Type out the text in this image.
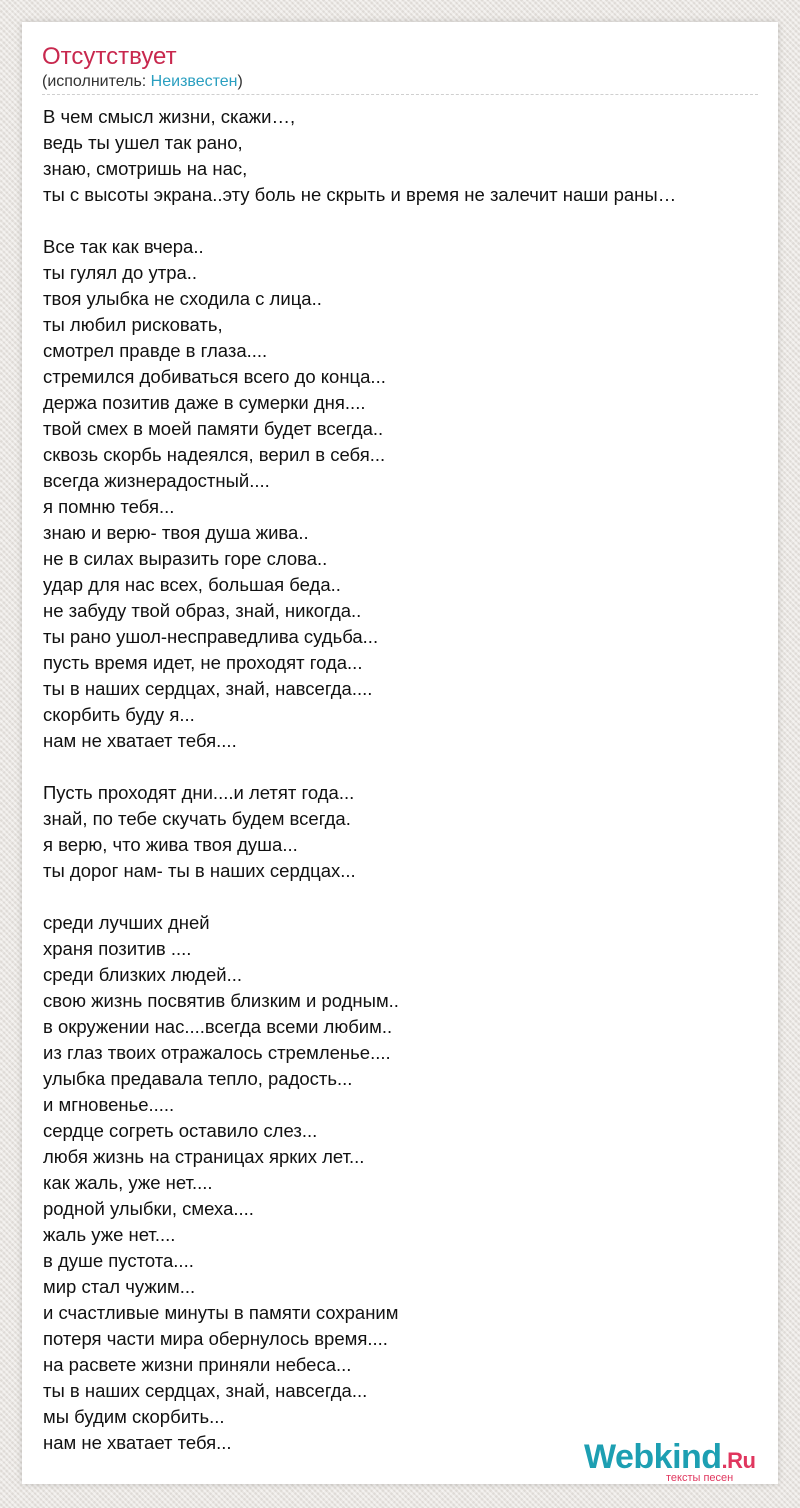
Отсутствует
(исполнитель: Неизвестен)
В чем смысл жизни, скажи…,
ведь ты ушел так рано,
знаю, смотришь на нас,
ты с высоты экрана..эту боль не скрыть и время не залечит наши раны…
Все так как вчера..
ты гулял до утра..
твоя улыбка не сходила с лица..
ты любил рисковать,
смотрел правде в глаза....
стремился добиваться всего до конца...
держа позитив даже в сумерки дня....
твой смех в моей памяти будет всегда..
сквозь скорбь надеялся, верил в себя...
всегда жизнерадостный....
я помню тебя...
знаю и верю- твоя душа жива..
не в силах выразить горе слова..
удар для нас всех, большая беда..
не забуду твой образ, знай, никогда..
ты рано ушол-несправедлива судьба...
пусть время идет, не проходят года...
ты в наших сердцах, знай, навсегда....
скорбить буду я...
нам не хватает тебя....
Пусть проходят дни....и летят года...
знай, по тебе скучать будем всегда.
я верю, что жива твоя душа...
ты дорог нам- ты в наших сердцах...
среди лучших дней
храня позитив ....
среди близких людей...
свою жизнь посвятив близким и родным..
в окружении нас....всегда всеми любим..
из глаз твоих отражалось стремленье....
улыбка предавала тепло, радость...
и мгновенье.....
сердце согреть оставило слез...
любя жизнь на страницах ярких лет...
как жаль, уже нет....
родной улыбки, смеха....
жаль уже нет....
в душе пустота....
мир стал чужим...
и счастливые минуты в памяти сохраним
потеря части мира обернулось время....
на расвете жизни приняли небеса...
ты в наших сердцах, знай, навсегда...
мы будим скорбить...
нам не хватает тебя...	Webkind.Ru
тексты песен
